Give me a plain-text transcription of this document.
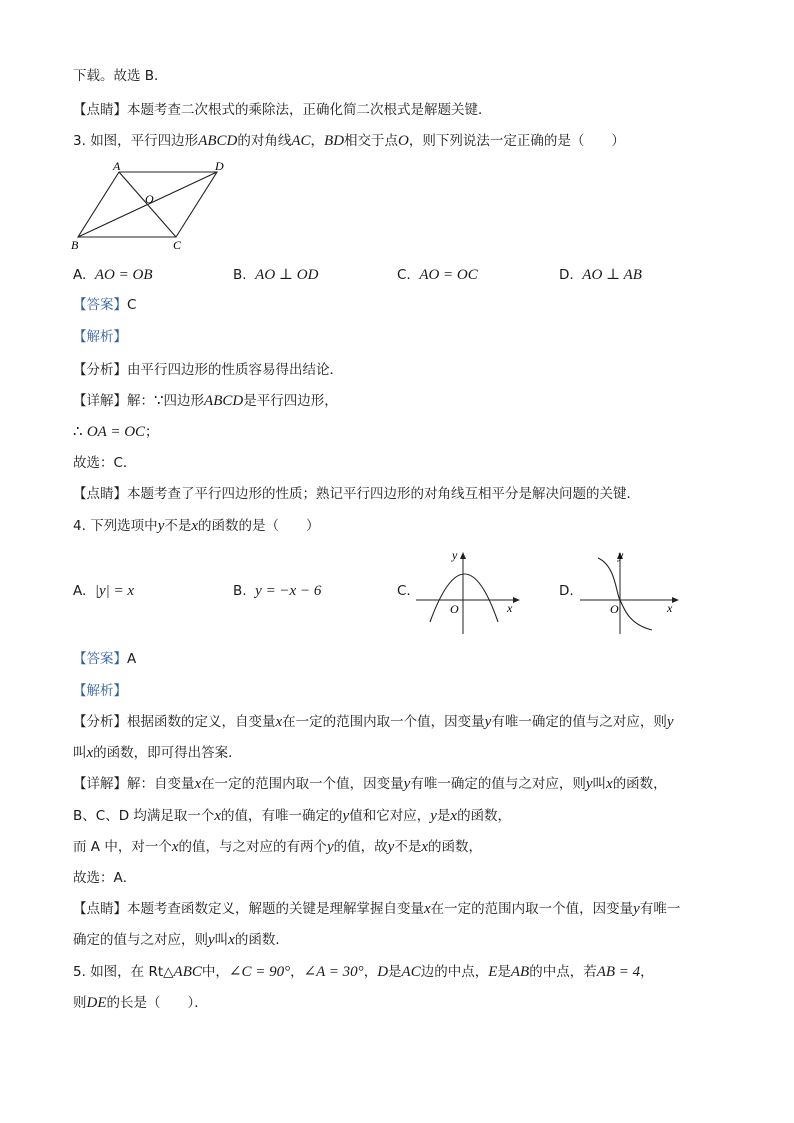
下载。故选 B．
【点睛】本题考查二次根式的乘除法，正确化简二次根式是解题关键．
3. 如图，平行四边形ABCD的对角线AC，BD相交于点O，则下列说法一定正确的是（　　）
A	D
O
B	C
A. AO = OB	B. AO ⊥ OD	C. AO = OC	D. AO ⊥ AB
【答案】C
【解析】
【分析】由平行四边形的性质容易得出结论．
【详解】解：∵四边形ABCD是平行四边形，
∴ OA = OC；
故选：C．
【点睛】本题考查了平行四边形的性质；熟记平行四边形的对角线互相平分是解决问题的关键．
4. 下列选项中y不是x的函数的是（　　）
A. |y| = x	B. y = −x − 6	C.	D.
y
x
O
y
x
O
【答案】A
【解析】
【分析】根据函数的定义，自变量x在一定的范围内取一个值，因变量y有唯一确定的值与之对应，则y
叫x的函数，即可得出答案．
【详解】解：自变量x在一定的范围内取一个值，因变量y有唯一确定的值与之对应，则y叫x的函数，
B、C、D 均满足取一个x的值，有唯一确定的y值和它对应，y是x的函数，
而 A 中，对一个x的值，与之对应的有两个y的值，故y不是x的函数，
故选：A．
【点睛】本题考查函数定义，解题的关键是理解掌握自变量x在一定的范围内取一个值，因变量y有唯一
确定的值与之对应，则y叫x的函数．
5. 如图，在 Rt△ABC中，∠C = 90°，∠A = 30°，D是AC边的中点，E是AB的中点，若AB = 4，
则DE的长是（　　）．
